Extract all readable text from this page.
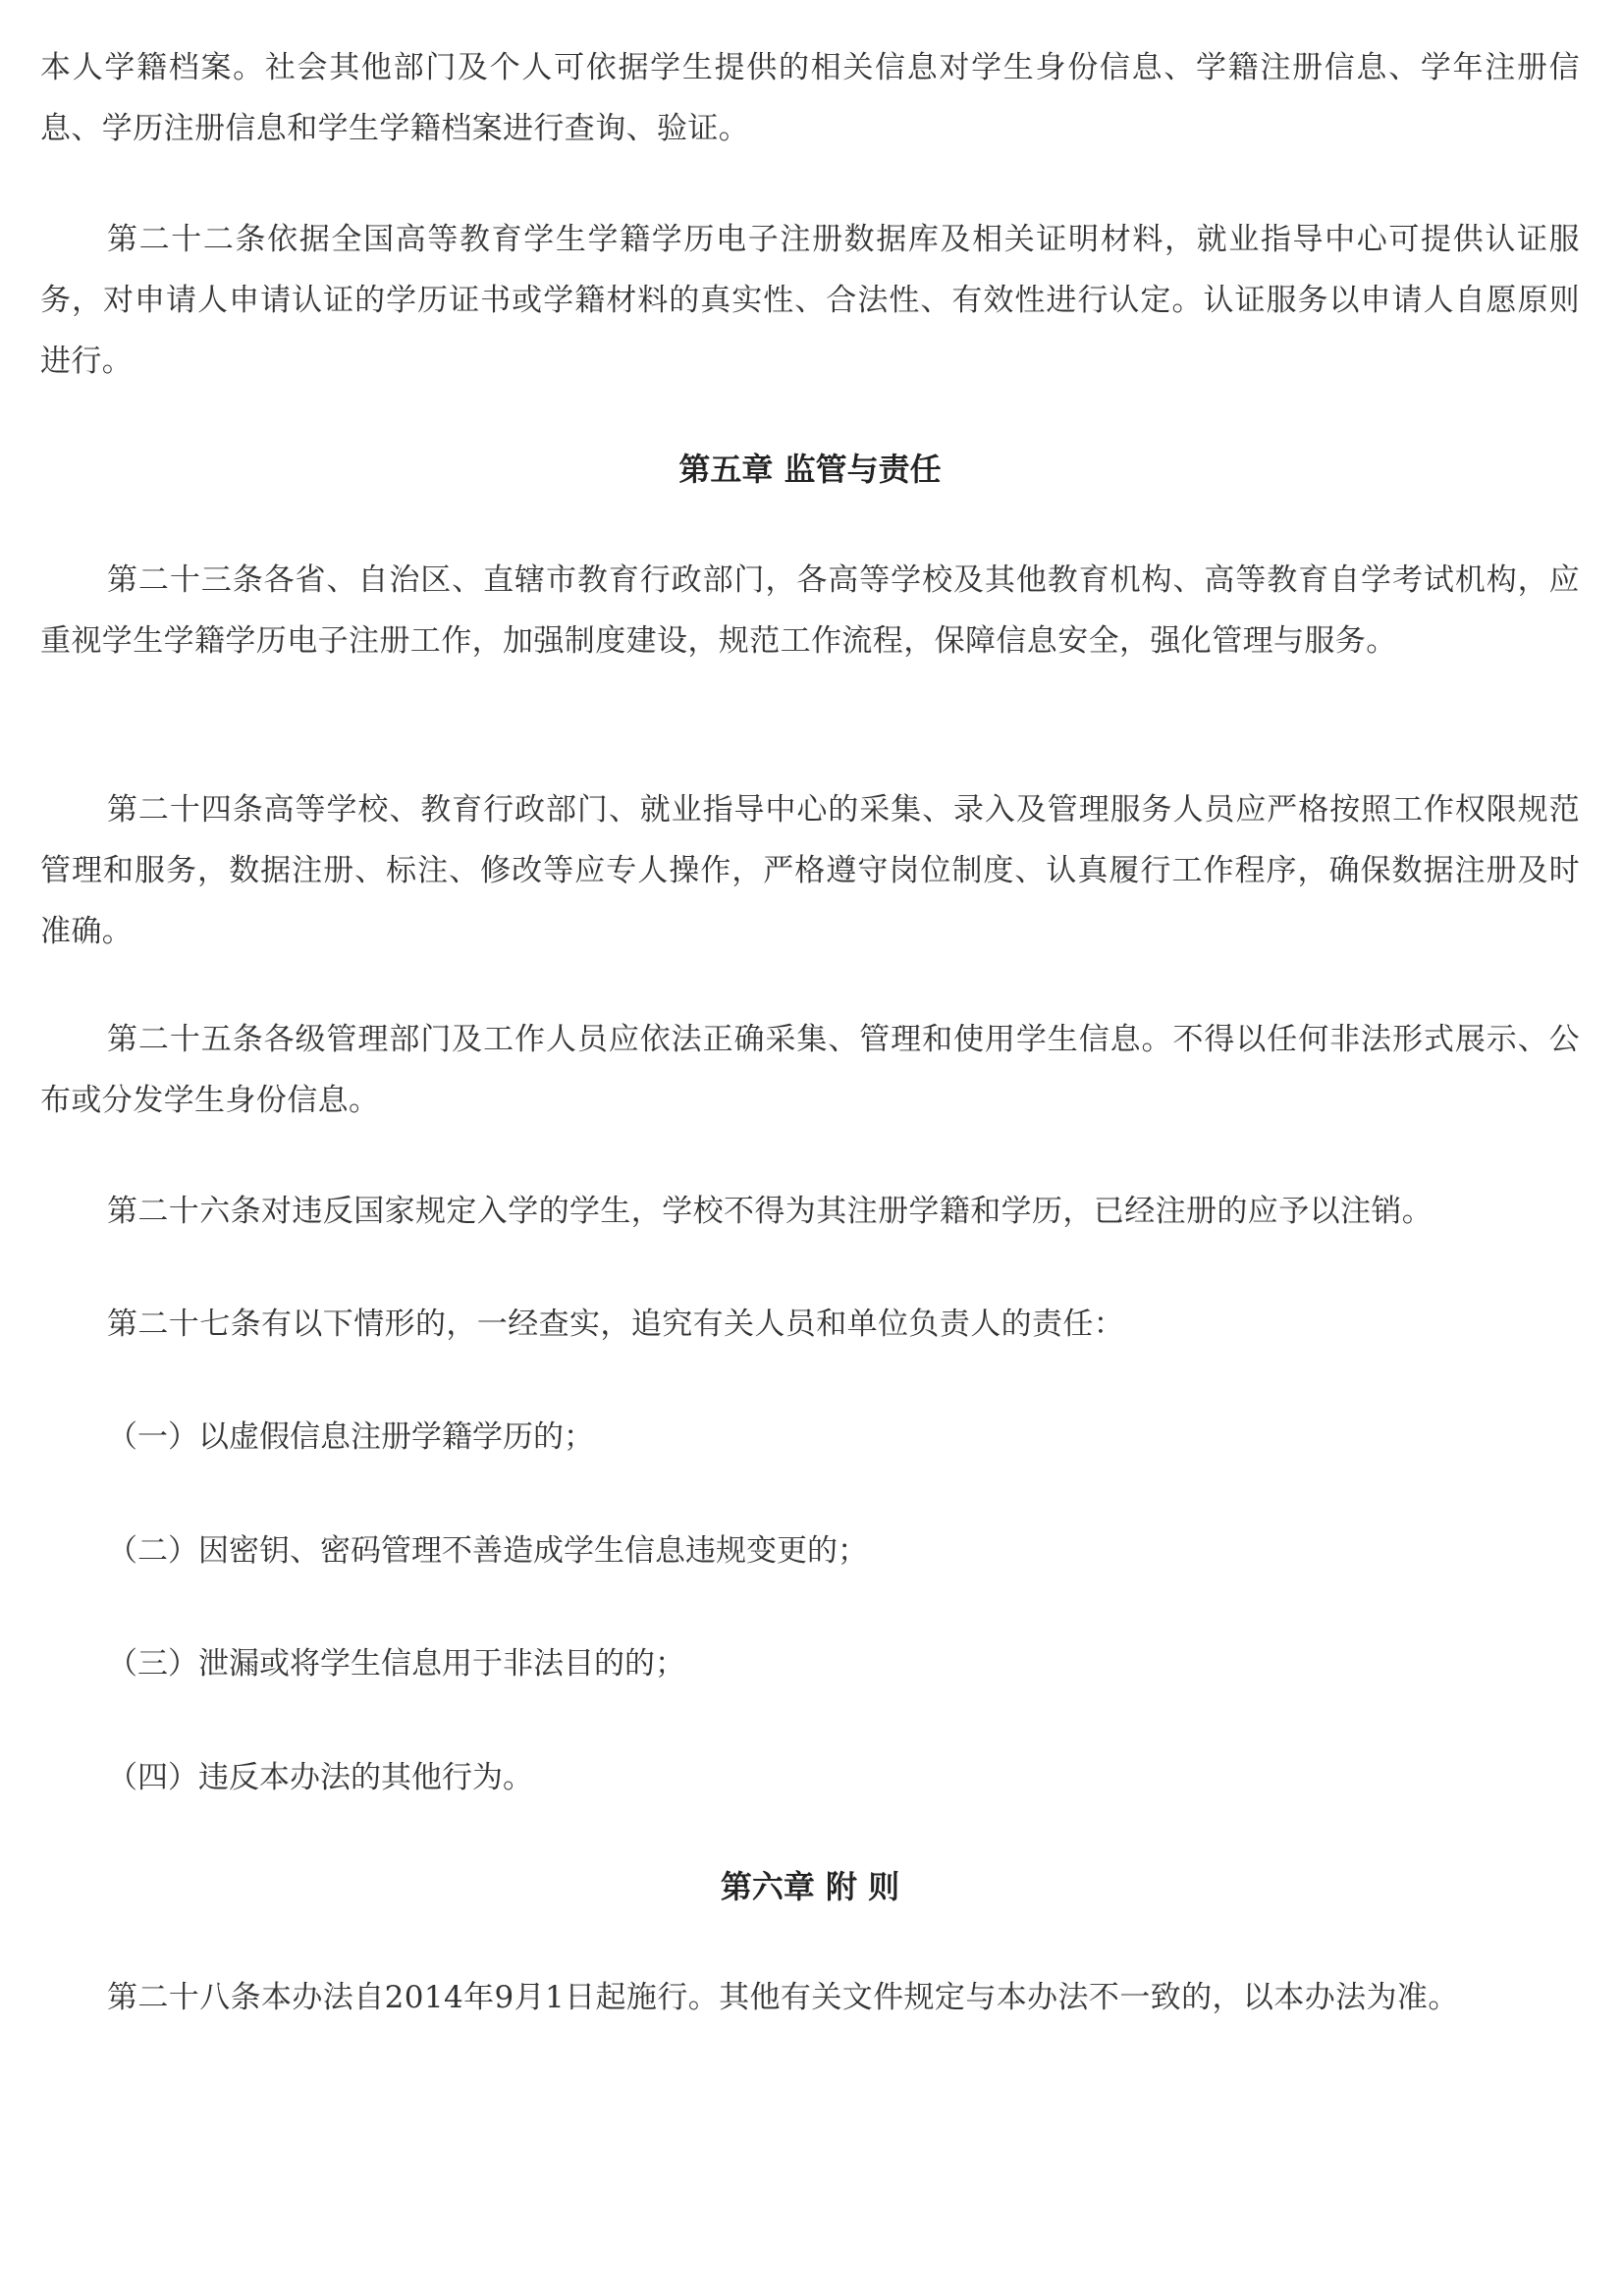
本人学籍档案。社会其他部门及个人可依据学生提供的相关信息对学生身份信息、学籍注册信息、学年注册信息、学历注册信息和学生学籍档案进行查询、验证。

第二十二条依据全国高等教育学生学籍学历电子注册数据库及相关证明材料，就业指导中心可提供认证服务，对申请人申请认证的学历证书或学籍材料的真实性、合法性、有效性进行认定。认证服务以申请人自愿原则进行。

第五章 监管与责任

第二十三条各省、自治区、直辖市教育行政部门，各高等学校及其他教育机构、高等教育自学考试机构，应重视学生学籍学历电子注册工作，加强制度建设，规范工作流程，保障信息安全，强化管理与服务。

第二十四条高等学校、教育行政部门、就业指导中心的采集、录入及管理服务人员应严格按照工作权限规范管理和服务，数据注册、标注、修改等应专人操作，严格遵守岗位制度、认真履行工作程序，确保数据注册及时准确。

第二十五条各级管理部门及工作人员应依法正确采集、管理和使用学生信息。不得以任何非法形式展示、公布或分发学生身份信息。

第二十六条对违反国家规定入学的学生，学校不得为其注册学籍和学历，已经注册的应予以注销。

第二十七条有以下情形的，一经查实，追究有关人员和单位负责人的责任：

（一）以虚假信息注册学籍学历的；

（二）因密钥、密码管理不善造成学生信息违规变更的；

（三）泄漏或将学生信息用于非法目的的；

（四）违反本办法的其他行为。

第六章 附 则

第二十八条本办法自2014年9月1日起施行。其他有关文件规定与本办法不一致的，以本办法为准。
